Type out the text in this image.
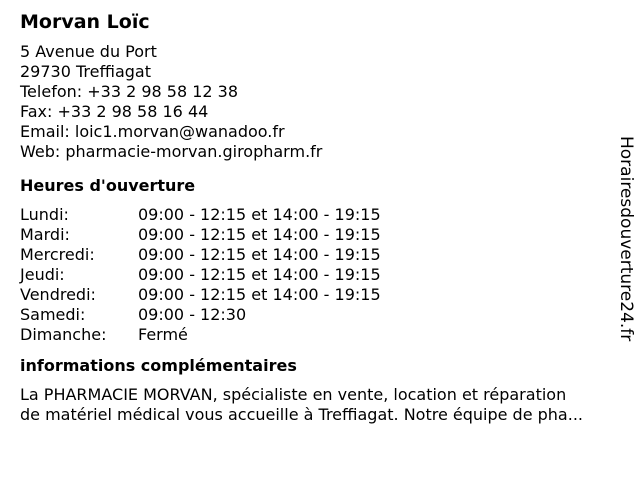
Morvan Loïc
5 Avenue du Port
29730 Treffiagat
Telefon: +33 2 98 58 12 38
Fax: +33 2 98 58 16 44
Email: loic1.morvan@wanadoo.fr
Web: pharmacie-morvan.giropharm.fr
Heures d'ouverture
Lundi:	09:00 - 12:15 et 14:00 - 19:15
Mardi:	09:00 - 12:15 et 14:00 - 19:15
Mercredi:	09:00 - 12:15 et 14:00 - 19:15
Jeudi:	09:00 - 12:15 et 14:00 - 19:15
Vendredi:	09:00 - 12:15 et 14:00 - 19:15
Samedi:	09:00 - 12:30
Dimanche:	Fermé
informations complémentaires
La PHARMACIE MORVAN, spécialiste en vente, location et réparation
de matériel médical vous accueille à Treffiagat. Notre équipe de pha...
Horairesdouverture24.fr
